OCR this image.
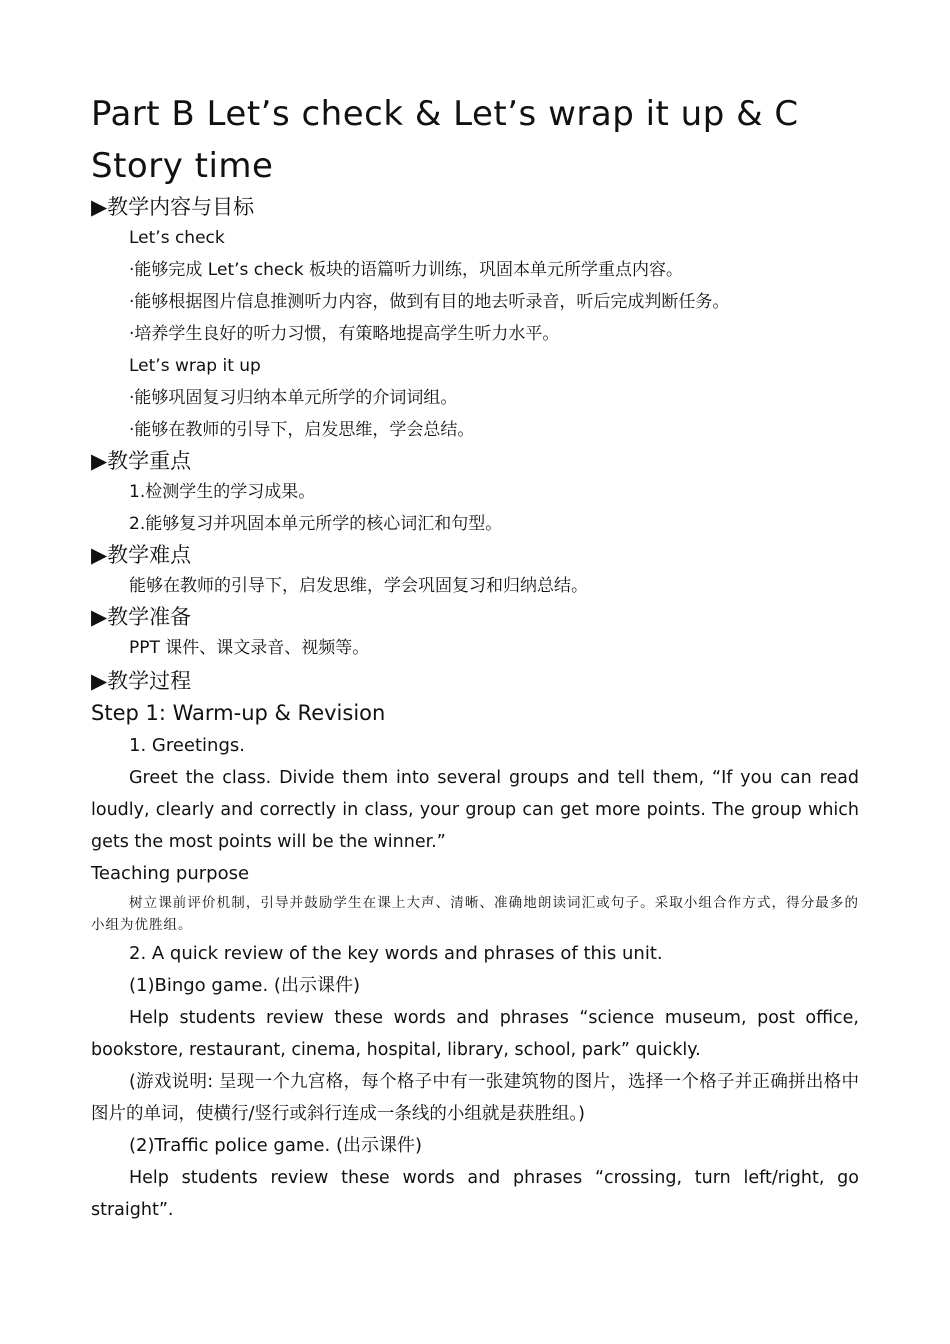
Part B Let’s check & Let’s wrap it up & C Story time
▶教学内容与目标
Let’s check
·能够完成 Let’s check 板块的语篇听力训练，巩固本单元所学重点内容。
·能够根据图片信息推测听力内容，做到有目的地去听录音，听后完成判断任务。
·培养学生良好的听力习惯，有策略地提高学生听力水平。
Let’s wrap it up
·能够巩固复习归纳本单元所学的介词词组。
·能够在教师的引导下，启发思维，学会总结。
▶教学重点
1.检测学生的学习成果。
2.能够复习并巩固本单元所学的核心词汇和句型。
▶教学难点
能够在教师的引导下，启发思维，学会巩固复习和归纳总结。
▶教学准备
PPT 课件、课文录音、视频等。
▶教学过程
Step 1: Warm-up & Revision
1. Greetings.

Greet the class. Divide them into several groups and tell them, “If you can read loudly, clearly and correctly in class, your group can get more points. The group which gets the most points will be the winner.”

Teaching purpose

树立课前评价机制，引导并鼓励学生在课上大声、清晰、准确地朗读词汇或句子。采取小组合作方式，得分最多的小组为优胜组。

2. A quick review of the key words and phrases of this unit.
(1)Bingo game. (出示课件)

Help students review these words and phrases “science museum, post office, bookstore, restaurant, cinema, hospital, library, school, park” quickly.

(游戏说明: 呈现一个九宫格，每个格子中有一张建筑物的图片，选择一个格子并正确拼出格中图片的单词，使横行/竖行或斜行连成一条线的小组就是获胜组。)

(2)Traffic police game. (出示课件)

Help students review these words and phrases “crossing, turn left/right, go straight”.
